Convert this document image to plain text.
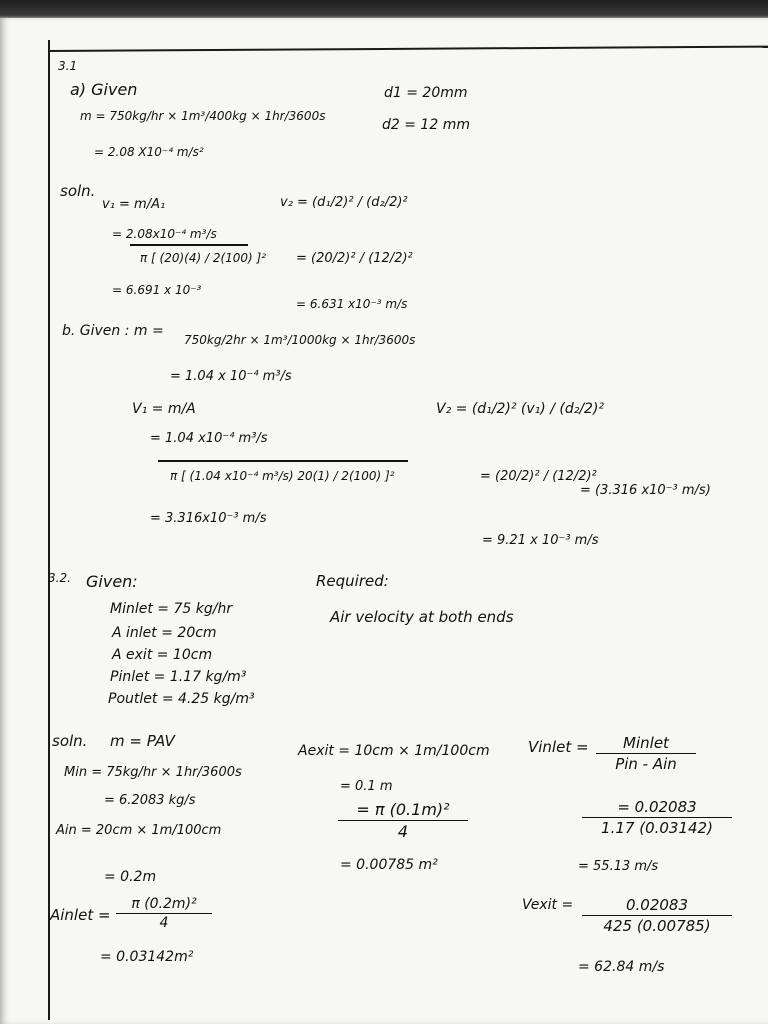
3.1
a) Given
m = 750kg/hr × 1m³/400kg × 1hr/3600s
= 2.08 X10⁻⁴ m/s²
d1 = 20mm
d2 = 12 mm
soln.
v₁ = m/A₁
= 2.08x10⁻⁴ m³/s
π [ (20)(4) / 2(100) ]²
= 6.691 x 10⁻³
v₂ = (d₁/2)² / (d₂/2)²
= (20/2)² / (12/2)²
= 6.631 x10⁻³ m/s
b. Given : m =
750kg/2hr × 1m³/1000kg × 1hr/3600s
= 1.04 x 10⁻⁴ m³/s
V₁ = m/A
= 1.04 x10⁻⁴ m³/s
π [ (1.04 x10⁻⁴ m³/s) 20(1) / 2(100) ]²
= 3.316x10⁻³ m/s
V₂ = (d₁/2)² (v₁) / (d₂/2)²
= (20/2)² / (12/2)²
= (3.316 x10⁻³ m/s)
= 9.21 x 10⁻³ m/s
3.2. Given:
Minlet = 75 kg/hr
A inlet = 20cm
A exit = 10cm
Pinlet = 1.17 kg/m³
Poutlet = 4.25 kg/m³
Required:
Air velocity at both ends
soln. m = PAV
Min = 75kg/hr × 1hr/3600s
= 6.2083 kg/s
Ain = 20cm × 1m/100cm
= 0.2m
Ainlet =
π (0.2m)²
4
= 0.03142m²
Aexit = 10cm × 1m/100cm
= 0.1 m
= π (0.1m)²
4
= 0.00785 m²
Vinlet =	Minlet
Pin - Ain
= 0.02083
1.17 (0.03142)
= 55.13 m/s
Vexit =	0.02083
425 (0.00785)
= 62.84 m/s
